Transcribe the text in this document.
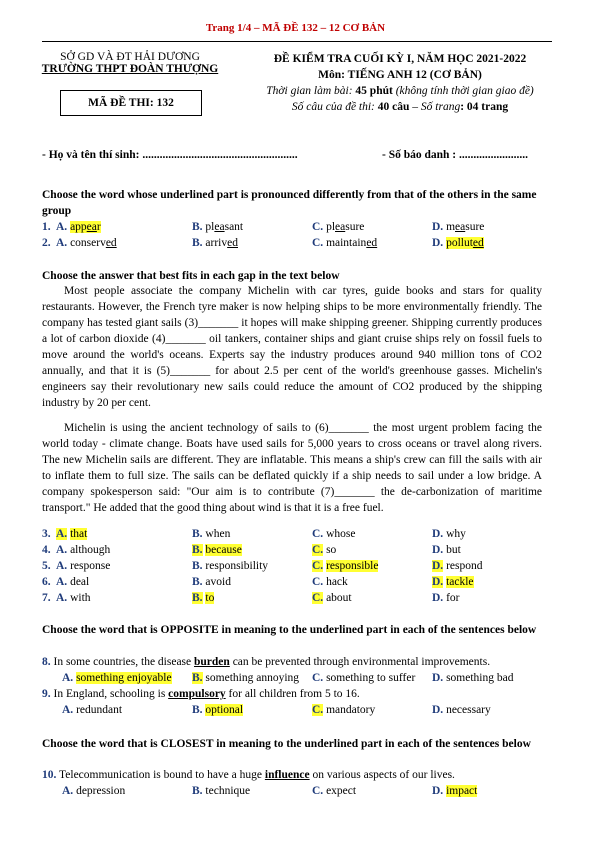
Trang 1/4 – MÃ ĐỀ 132 – 12 CƠ BẢN
SỞ GD VÀ ĐT HẢI DƯƠNG
TRƯỜNG THPT ĐOÀN THƯỢNG
MÃ ĐỀ THI: 132
ĐỀ KIỂM TRA CUỐI KỲ I, NĂM HỌC 2021-2022
Môn: TIẾNG ANH 12 (CƠ BẢN)
Thời gian làm bài: 45 phút (không tính thời gian giao đề)
Số câu của đề thi: 40 câu – Số trang: 04 trang
- Họ và tên thí sinh: ......................................................	- Số báo danh : ........................
Choose the word whose underlined part is pronounced differently from that of the others in the same group
1. A. appear	B. pleasant	C. pleasure	D. measure
2. A. conserved	B. arrived	C. maintained	D. polluted
Choose the answer that best fits in each gap in the text below

Most people associate the company Michelin with car tyres, guide books and stars for quality restaurants. However, the French tyre maker is now helping ships to be more environmentally friendly. The company has tested giant sails (3)_______ it hopes will make shipping greener. Shipping currently produces a lot of carbon dioxide (4)_______ oil tankers, container ships and giant cruise ships rely on fossil fuels to move around the world's oceans. Experts say the industry produces around 940 million tons of CO2 annually, and that it is (5)_______ for about 2.5 per cent of the world's greenhouse gasses. Michelin's engineers say their revolutionary new sails could reduce the amount of CO2 produced by the shipping industry by 20 per cent.

Michelin is using the ancient technology of sails to (6)_______ the most urgent problem facing the world today - climate change. Boats have used sails for 5,000 years to cross oceans or travel along rivers. The new Michelin sails are different. They are inflatable. This means a ship's crew can fill the sails with air to inflate them to full size. The sails can be deflated quickly if a ship needs to sail under a low bridge. A company spokesperson said: "Our aim is to contribute (7)_______ the de-carbonization of maritime transport." He added that the good thing about wind is that it is a free fuel.

3. A. that	B. when	C. whose	D. why
4. A. although	B. because	C. so	D. but
5. A. response	B. responsibility	C. responsible	D. respond
6. A. deal	B. avoid	C. hack	D. tackle
7. A. with	B. to	C. about	D. for
Choose the word that is OPPOSITE in meaning to the underlined part in each of the sentences below
8. In some countries, the disease burden can be prevented through environmental improvements.
A. something enjoyable B. something annoying C. something to suffer D. something bad
9. In England, schooling is compulsory for all children from 5 to 16.
A. redundant	B. optional	C. mandatory	D. necessary
Choose the word that is CLOSEST in meaning to the underlined part in each of the sentences below
10. Telecommunication is bound to have a huge influence on various aspects of our lives.
A. depression	B. technique	C. expect	D. impact
